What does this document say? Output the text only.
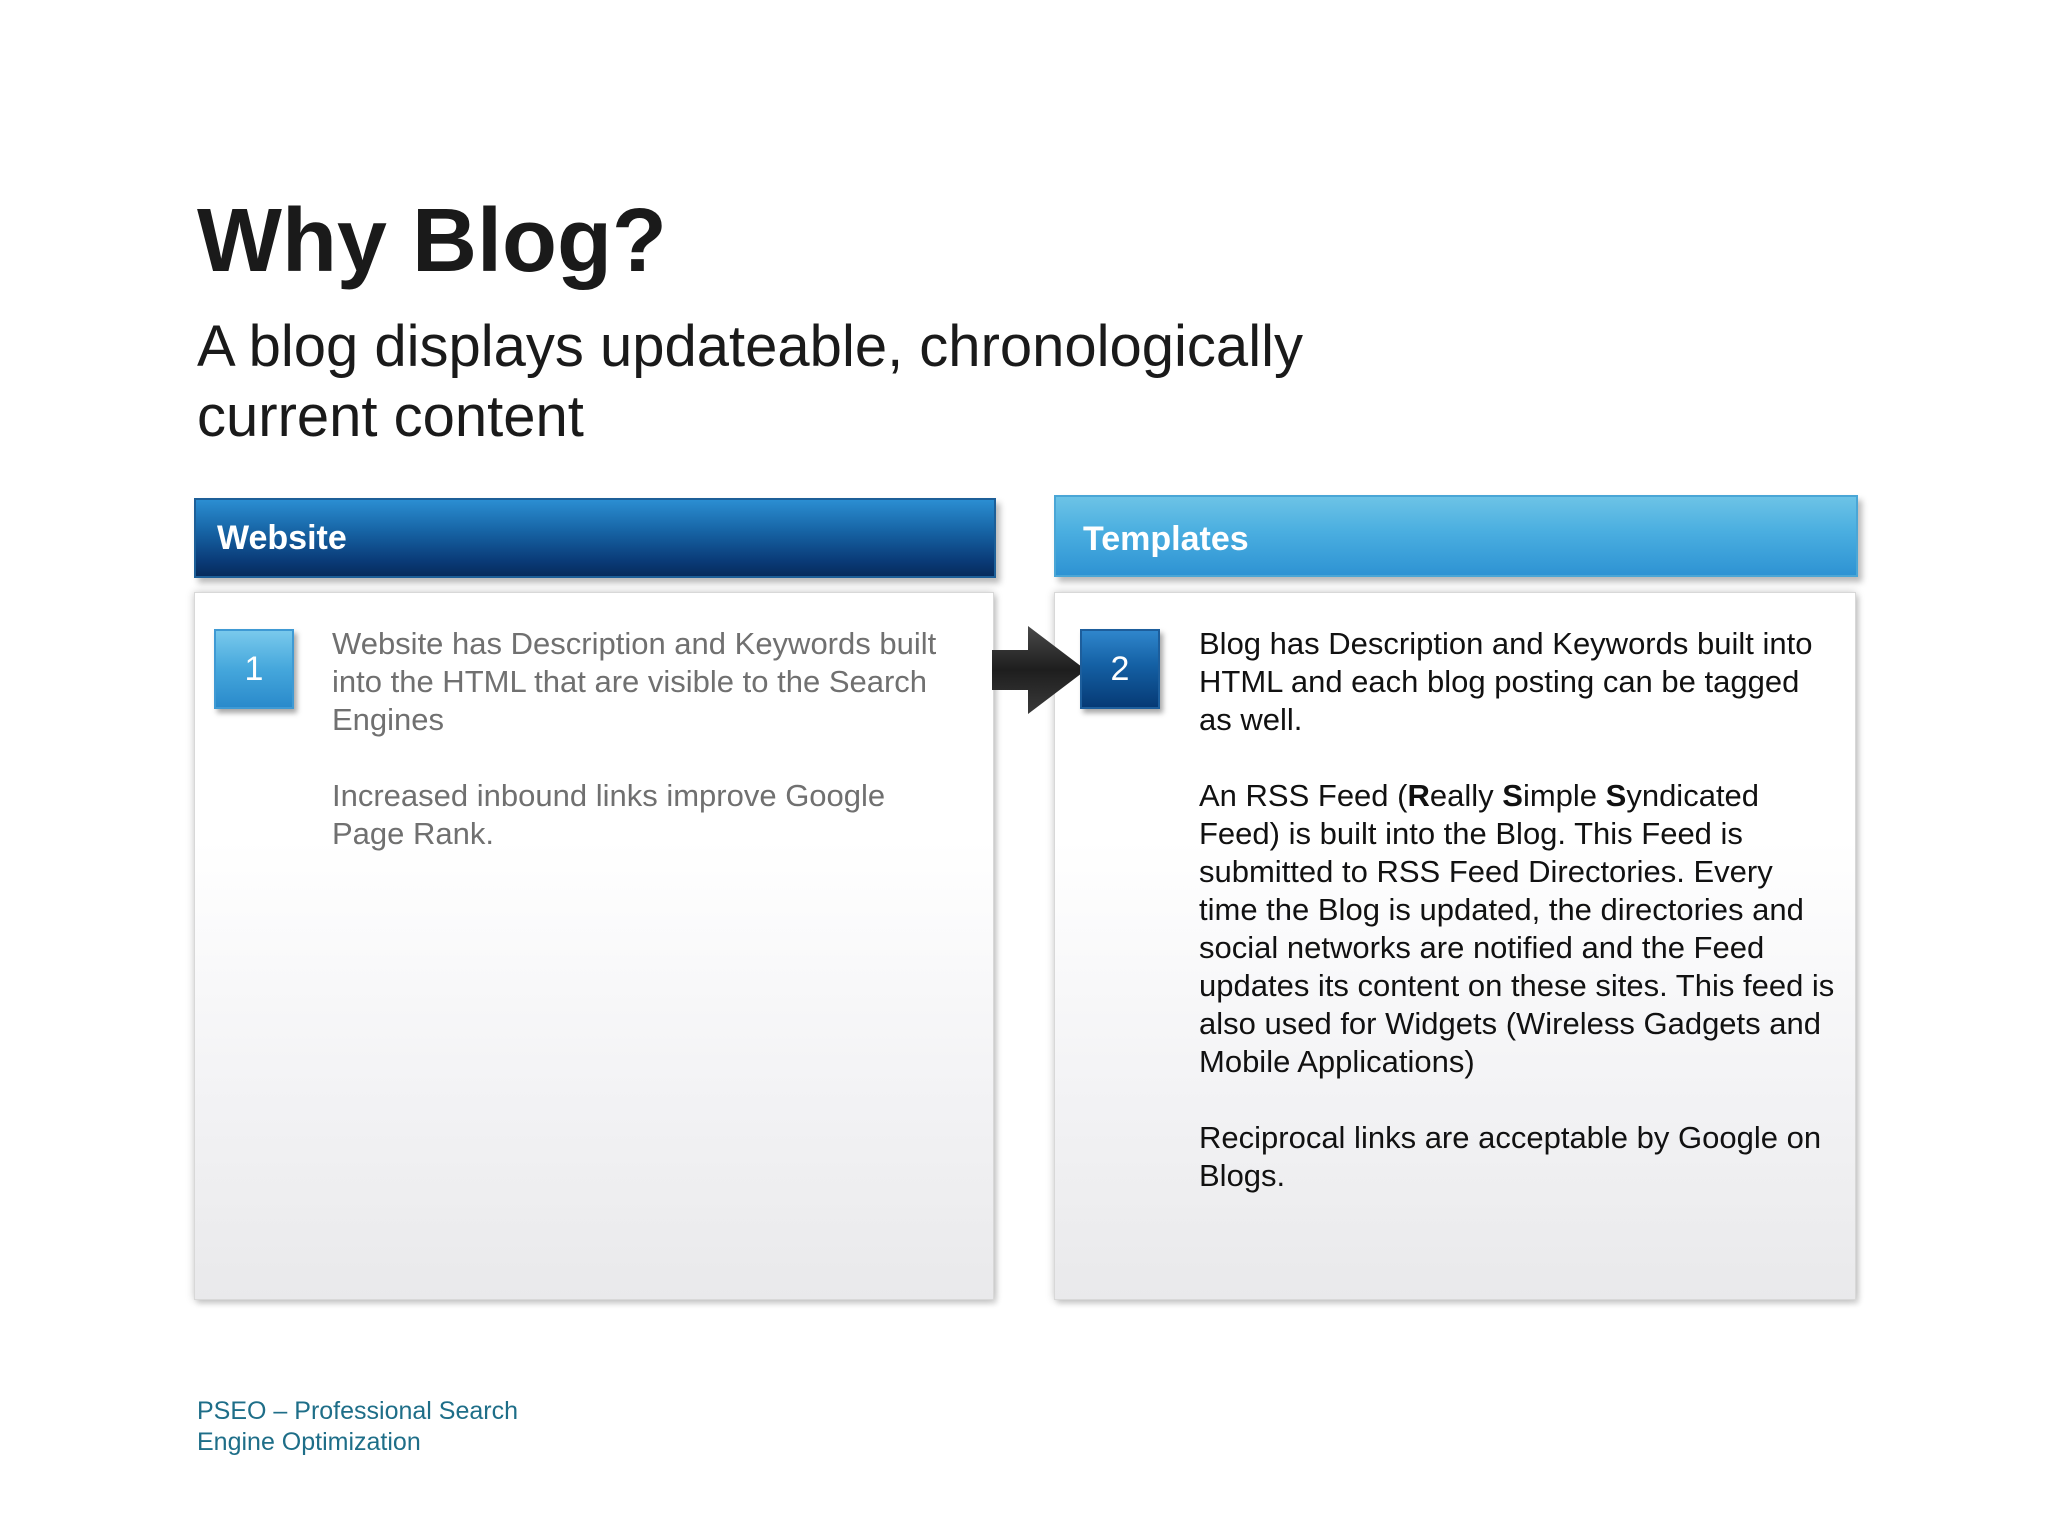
Why Blog?
A blog displays updateable, chronologically current content
Website	Templates
1	2

Website has Description and Keywords built into the HTML that are visible to the Search Engines

Increased inbound links improve Google Page Rank.

Blog has Description and Keywords built into HTML and each blog posting can be tagged as well.

An RSS Feed (Really Simple Syndicated Feed) is built into the Blog. This Feed is submitted to RSS Feed Directories. Every time the Blog is updated, the directories and social networks are notified and the Feed updates its content on these sites. This feed is also used for Widgets (Wireless Gadgets and Mobile Applications)

Reciprocal links are acceptable by Google on Blogs.

PSEO – Professional Search
Engine Optimization
